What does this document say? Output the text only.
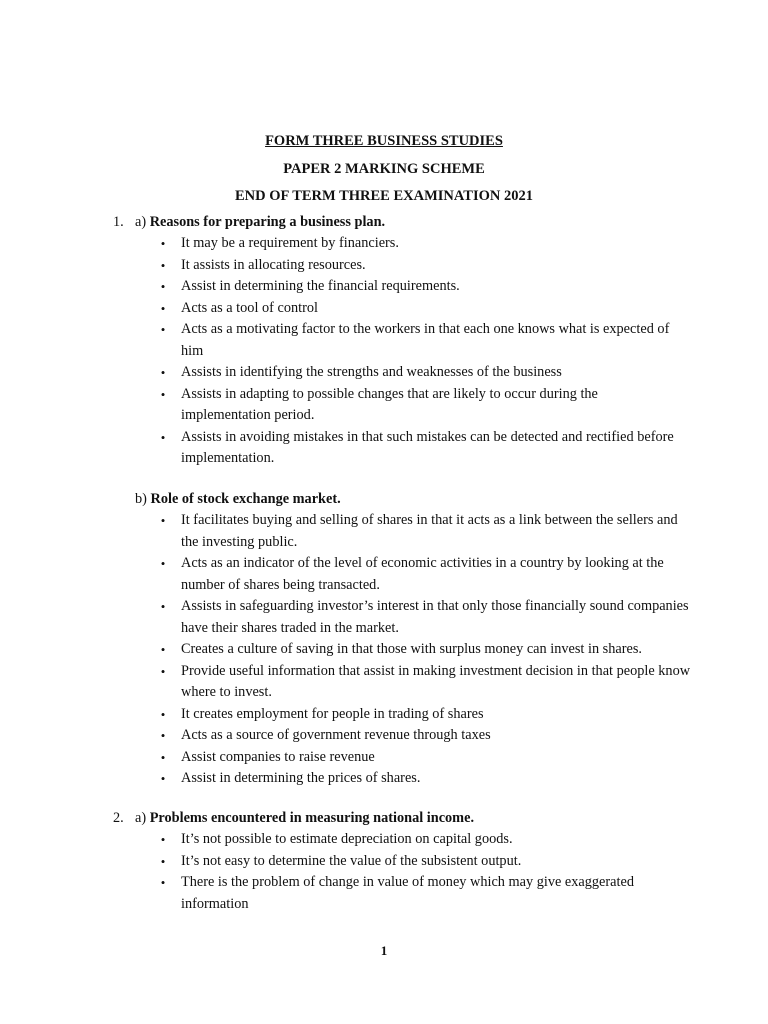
FORM THREE BUSINESS STUDIES
PAPER 2 MARKING SCHEME
END OF TERM THREE EXAMINATION 2021
1. a) Reasons for preparing a business plan.
• It may be a requirement by financiers.
• It assists in allocating resources.
• Assist in determining the financial requirements.
• Acts as a tool of control
• Acts as a motivating factor to the workers in that each one knows what is expected of him
• Assists in identifying the strengths and weaknesses of the business
• Assists in adapting to possible changes that are likely to occur during the implementation period.
• Assists in avoiding mistakes in that such mistakes can be detected and rectified before implementation.
b) Role of stock exchange market.
• It facilitates buying and selling of shares in that it acts as a link between the sellers and the investing public.
• Acts as an indicator of the level of economic activities in a country by looking at the number of shares being transacted.
• Assists in safeguarding investor’s interest in that only those financially sound companies have their shares traded in the market.
• Creates a culture of saving in that those with surplus money can invest in shares.
• Provide useful information that assist in making investment decision in that people know where to invest.
• It creates employment for people in trading of shares
• Acts as a source of government revenue through taxes
• Assist companies to raise revenue
• Assist in determining the prices of shares.
2. a) Problems encountered in measuring national income.
• It’s not possible to estimate depreciation on capital goods.
• It’s not easy to determine the value of the subsistent output.
• There is the problem of change in value of money which may give exaggerated information
1
